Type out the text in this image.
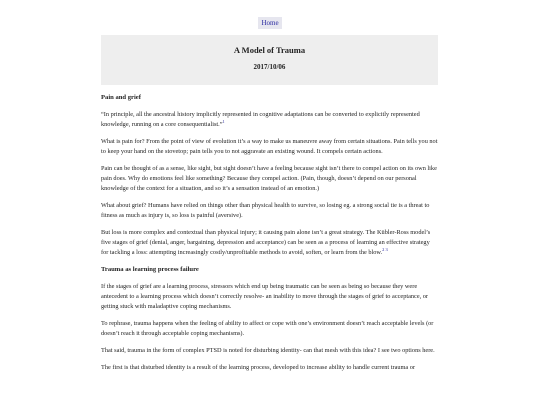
Home
A Model of Trauma
2017/10/06
Pain and grief

“In principle, all the ancestral history implicitly represented in cognitive adaptations can be converted to explicitly represented knowledge, running on a core consequentialist.”$^1$

What is pain for? From the point of view of evolution it’s a way to make us maneuvre away from certain situations. Pain tells you not to keep your hand on the stovetop; pain tells you to not aggravate an existing wound. It compels certain actions.

Pain can be thought of as a sense, like sight, but sight doesn’t have a feeling because sight isn’t there to compel action on its own like pain does. Why do emotions feel like something? Because they compel action. (Pain, though, doesn’t depend on our personal knowledge of the context for a situation, and so it’s a sensation instead of an emotion.)

What about grief? Humans have relied on things other than physical health to survive, so losing eg. a strong social tie is a threat to fitness as much as injury is, so loss is painful (aversive).

But loss is more complex and contextual than physical injury; it causing pain alone isn’t a great strategy. The Kübler-Ross model’s five stages of grief (denial, anger, bargaining, depression and acceptance) can be seen as a process of learning an effective strategy for tackling a loss: attempting increasingly costly/unprofitable methods to avoid, soften, or learn from the blow.$^{2 3}$

Trauma as learning process failure

If the stages of grief are a learning process, stressors which end up being traumatic can be seen as being so because they were antecedent to a learning process which doesn’t correctly resolve- an inability to move through the stages of grief to acceptance, or getting stuck with maladaptive coping mechanisms.

To rephrase, trauma happens when the feeling of ability to affect or cope with one’s environment doesn’t reach acceptable levels (or doesn’t reach it through acceptable coping mechanisms).

That said, trauma in the form of complex PTSD is noted for disturbing identity- can that mesh with this idea? I see two options here.

The first is that disturbed identity is a result of the learning process, developed to increase ability to handle current trauma or
